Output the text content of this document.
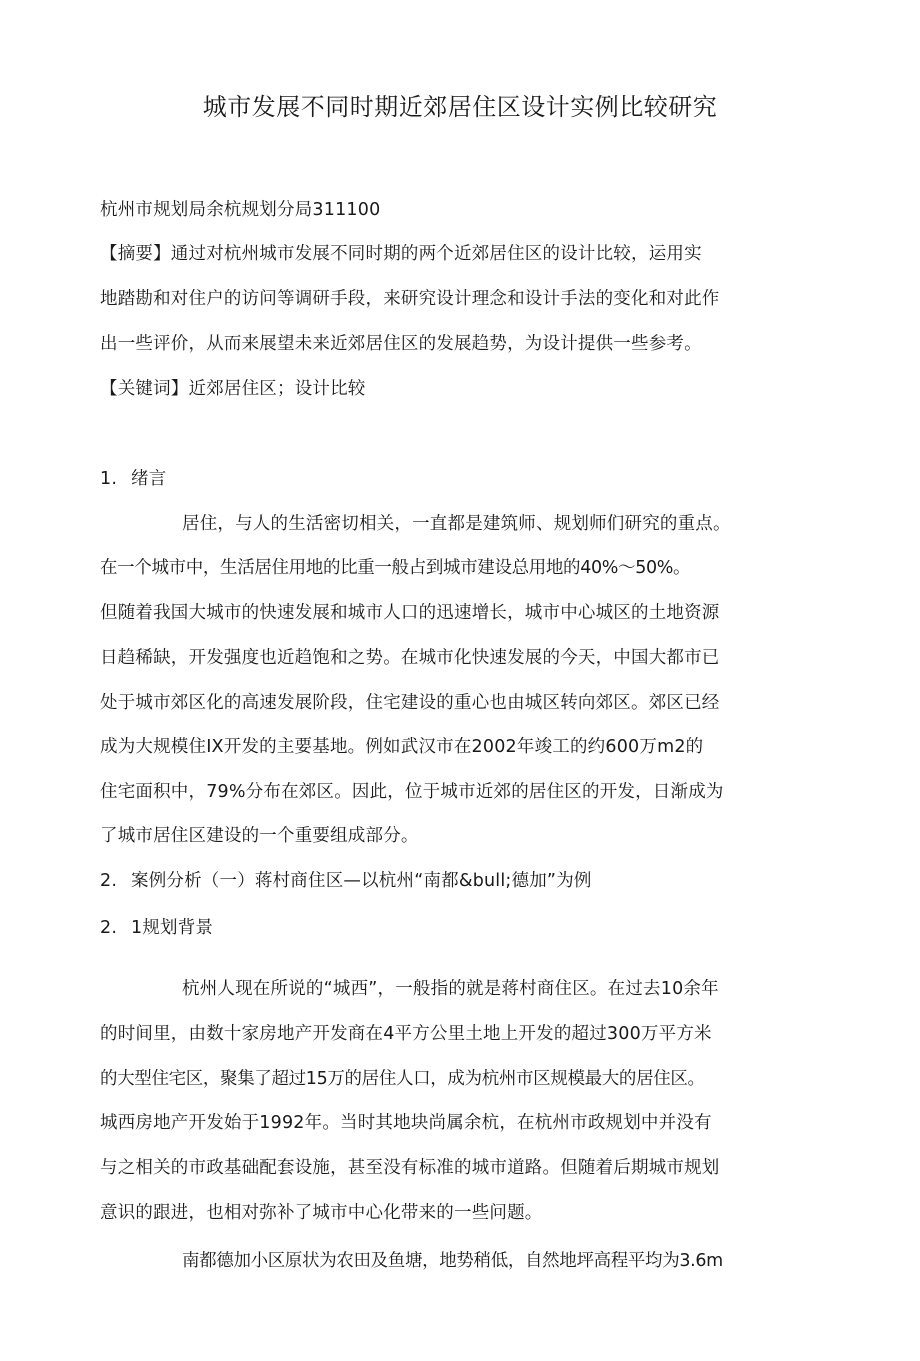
城市发展不同时期近郊居住区设计实例比较研究
杭州市规划局余杭规划分局311100
【摘要】通过对杭州城市发展不同时期的两个近郊居住区的设计比较，运用实
地踏勘和对住户的访问等调研手段，来研究设计理念和设计手法的变化和对此作
出一些评价，从而来展望未来近郊居住区的发展趋势，为设计提供一些参考。
【关键词】近郊居住区；设计比较
1. 绪言
居住，与人的生活密切相关，一直都是建筑师、规划师们研究的重点。
在一个城市中，生活居住用地的比重一般占到城市建设总用地的40%～50%。
但随着我国大城市的快速发展和城市人口的迅速增长，城市中心城区的土地资源
日趋稀缺，开发强度也近趋饱和之势。在城市化快速发展的今天，中国大都市已
处于城市郊区化的高速发展阶段，住宅建设的重心也由城区转向郊区。郊区已经
成为大规模住IX开发的主要基地。例如武汉市在2002年竣工的约600万m2的
住宅面积中，79%分布在郊区。因此，位于城市近郊的居住区的开发，日渐成为
了城市居住区建设的一个重要组成部分。
2. 案例分析（一）蒋村商住区—以杭州“南都&bull;德加”为例
2. 1规划背景
杭州人现在所说的“城西”，一般指的就是蒋村商住区。在过去10余年
的时间里，由数十家房地产开发商在4平方公里土地上开发的超过300万平方米
的大型住宅区，聚集了超过15万的居住人口，成为杭州市区规模最大的居住区。
城西房地产开发始于1992年。当时其地块尚属余杭，在杭州市政规划中并没有
与之相关的市政基础配套设施，甚至没有标准的城市道路。但随着后期城市规划
意识的跟进，也相对弥补了城市中心化带来的一些问题。
南都德加小区原状为农田及鱼塘，地势稍低，自然地坪高程平均为3.6m
